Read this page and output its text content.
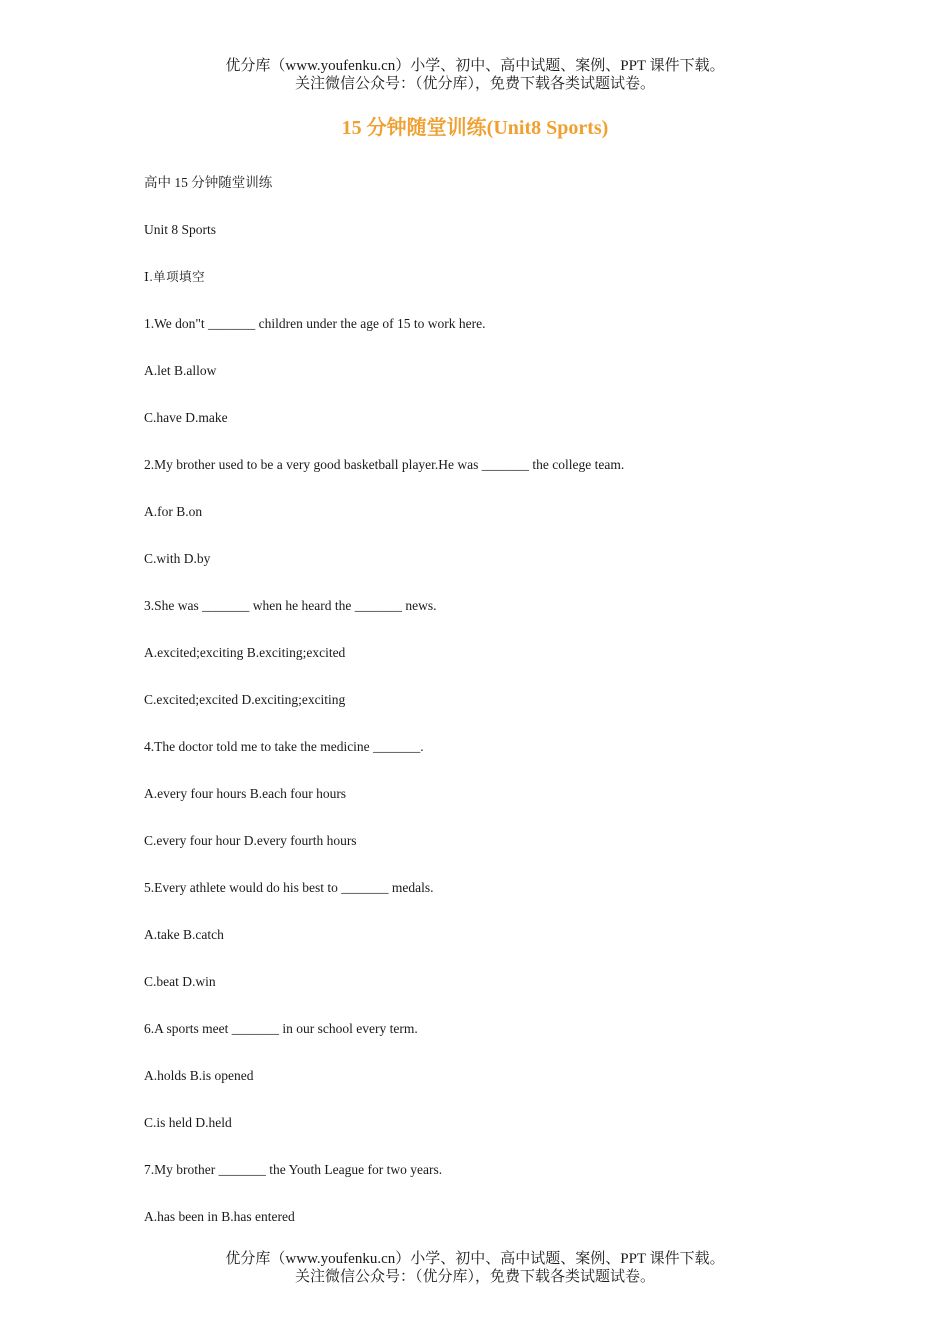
优分库（www.youfenku.cn）小学、初中、高中试题、案例、PPT 课件下载。
关注微信公众号：（优分库），免费下载各类试题试卷。
15 分钟随堂训练(Unit8 Sports)
高中 15 分钟随堂训练
Unit 8 Sports
Ⅰ.单项填空
1.We don"t _______ children under the age of 15 to work here.
A.let B.allow
C.have D.make
2.My brother used to be a very good basketball player.He was _______ the college team.
A.for B.on
C.with D.by
3.She was _______ when he heard the _______ news.
A.excited;exciting B.exciting;excited
C.excited;excited D.exciting;exciting
4.The doctor told me to take the medicine _______.
A.every four hours B.each four hours
C.every four hour D.every fourth hours
5.Every athlete would do his best to _______ medals.
A.take B.catch
C.beat D.win
6.A sports meet _______ in our school every term.
A.holds B.is opened
C.is held D.held
7.My brother _______ the Youth League for two years.
A.has been in B.has entered
优分库（www.youfenku.cn）小学、初中、高中试题、案例、PPT 课件下载。
关注微信公众号：（优分库），免费下载各类试题试卷。
